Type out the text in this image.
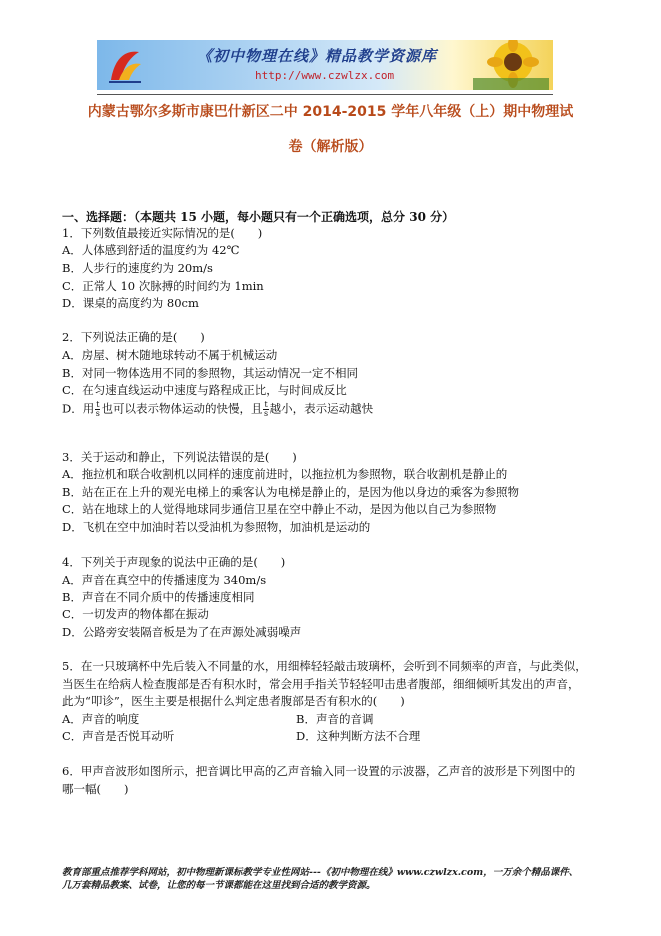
《初中物理在线》精品教学资源库
http://www.czwlzx.com
内蒙古鄂尔多斯市康巴什新区二中 2014-2015 学年八年级（上）期中物理试
卷（解析版）
一、选择题：（本题共 15 小题，每小题只有一个正确选项，总分 30 分）
1．下列数值最接近实际情况的是(　　)
A．人体感到舒适的温度约为 42℃
B．人步行的速度约为 20m/s
C．正常人 10 次脉搏的时间约为 1min
D．课桌的高度约为 80cm
2．下列说法正确的是(　　)
A．房屋、树木随地球转动不属于机械运动
B．对同一物体选用不同的参照物，其运动情况一定不相同
C．在匀速直线运动中速度与路程成正比，与时间成反比
D．用 $\frac{t}{s}$ 也可以表示物体运动的快慢，且 $\frac{t}{s}$ 越小，表示运动越快
3．关于运动和静止，下列说法错误的是(　　)
A．拖拉机和联合收割机以同样的速度前进时，以拖拉机为参照物，联合收割机是静止的
B．站在正在上升的观光电梯上的乘客认为电梯是静止的，是因为他以身边的乘客为参照物
C．站在地球上的人觉得地球同步通信卫星在空中静止不动，是因为他以自己为参照物
D．飞机在空中加油时若以受油机为参照物，加油机是运动的
4．下列关于声现象的说法中正确的是(　　)
A．声音在真空中的传播速度为 340m/s
B．声音在不同介质中的传播速度相同
C．一切发声的物体都在振动
D．公路旁安装隔音板是为了在声源处减弱噪声
5．在一只玻璃杯中先后装入不同量的水，用细棒轻轻敲击玻璃杯，会听到不同频率的声音，与此类似，
当医生在给病人检查腹部是否有积水时，常会用手指关节轻轻叩击患者腹部，细细倾听其发出的声音，
此为“叩诊”，医生主要是根据什么判定患者腹部是否有积水的(　　)
A．声音的响度	B．声音的音调
C．声音是否悦耳动听	D．这种判断方法不合理
6．甲声音波形如图所示，把音调比甲高的乙声音输入同一设置的示波器，乙声音的波形是下列图中的
哪一幅(　　)
教育部重点推荐学科网站，初中物理新课标教学专业性网站---《初中物理在线》www.czwlzx.com，一万余个精品课件、
几万套精品教案、试卷，让您的每一节课都能在这里找到合适的教学资源。
